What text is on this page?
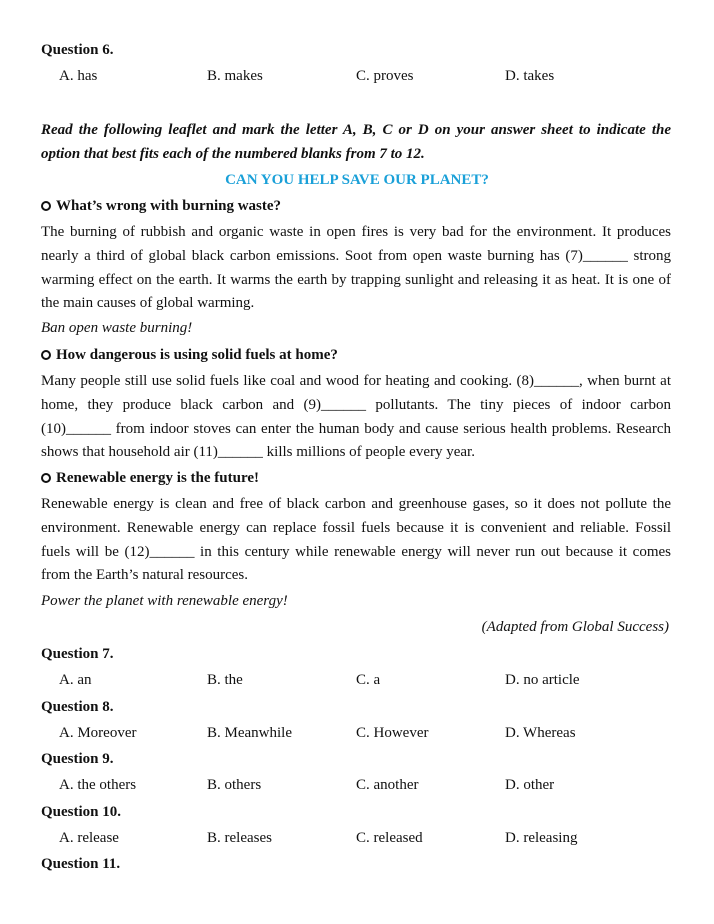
Question 6.
A. has	B. makes	C. proves	D. takes
Read the following leaflet and mark the letter A, B, C or D on your answer sheet to indicate the
option that best fits each of the numbered blanks from 7 to 12.
CAN YOU HELP SAVE OUR PLANET?
What’s wrong with burning waste?
The burning of rubbish and organic waste in open fires is very bad for the environment. It produces
nearly a third of global black carbon emissions. Soot from open waste burning has (7)______ strong
warming effect on the earth. It warms the earth by trapping sunlight and releasing it as heat. It is one of
the main causes of global warming.
Ban open waste burning!
How dangerous is using solid fuels at home?
Many people still use solid fuels like coal and wood for heating and cooking. (8)______, when burnt at
home, they produce black carbon and (9)______ pollutants. The tiny pieces of indoor carbon
(10)______ from indoor stoves can enter the human body and cause serious health problems. Research
shows that household air (11)______ kills millions of people every year.
Renewable energy is the future!
Renewable energy is clean and free of black carbon and greenhouse gases, so it does not pollute the
environment. Renewable energy can replace fossil fuels because it is convenient and reliable. Fossil
fuels will be (12)______ in this century while renewable energy will never run out because it comes
from the Earth’s natural resources.
Power the planet with renewable energy!
(Adapted from Global Success)
Question 7.
A. an	B. the	C. a	D. no article
Question 8.
A. Moreover	B. Meanwhile	C. However	D. Whereas
Question 9.
A. the others	B. others	C. another	D. other
Question 10.
A. release	B. releases	C. released	D. releasing
Question 11.
